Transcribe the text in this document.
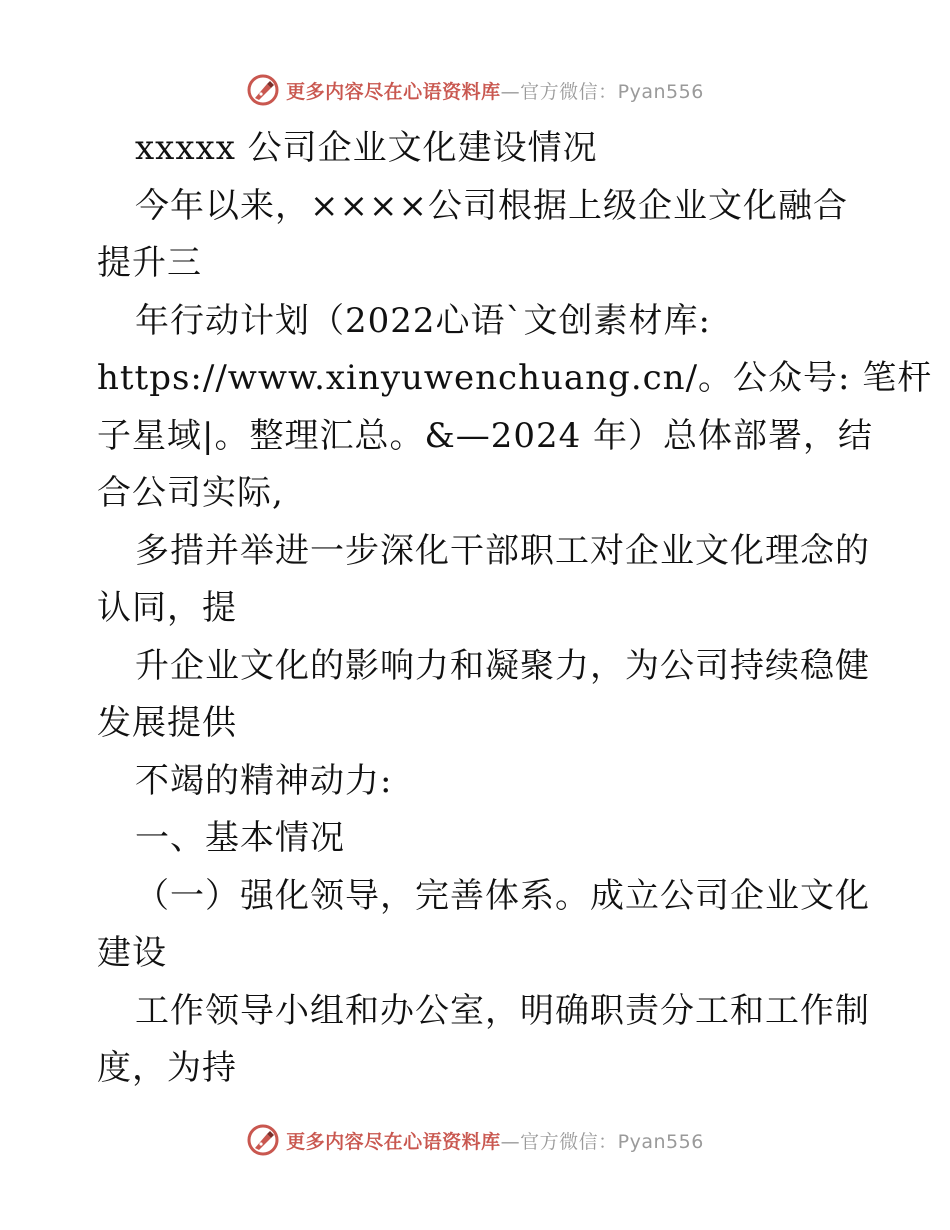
更多内容尽在心语资料库 —官方微信：Pyan556
xxxxx 公司企业文化建设情况
今年以来，××××公司根据上级企业文化融合
提升三
年行动计划（2022心语`文创素材库:
https://www.xinyuwenchuang.cn/。公众号: 笔杆
子星域|。整理汇总。&—2024 年）总体部署，结
合公司实际,
多措并举进一步深化干部职工对企业文化理念的
认同，提
升企业文化的影响力和凝聚力，为公司持续稳健
发展提供
不竭的精神动力:
一、基本情况
（一）强化领导，完善体系。成立公司企业文化
建设
工作领导小组和办公室，明确职责分工和工作制
度，为持
更多内容尽在心语资料库 —官方微信：Pyan556
